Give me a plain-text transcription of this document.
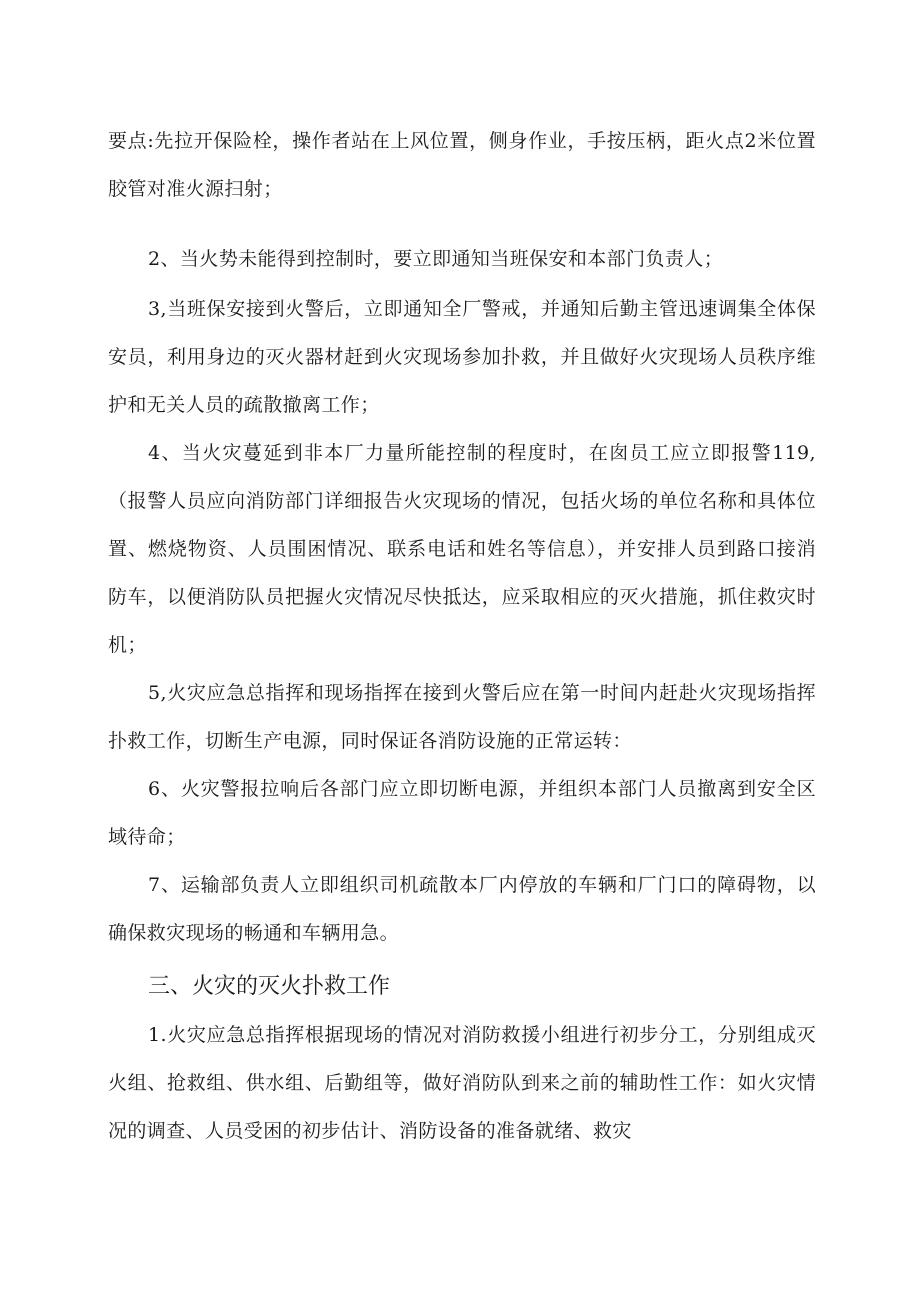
要点:先拉开保险栓，操作者站在上风位置，侧身作业，手按压柄，距火点2米位置胶管对准火源扫射；

2、当火势未能得到控制时，要立即通知当班保安和本部门负责人；

3,当班保安接到火警后，立即通知全厂警戒，并通知后勤主管迅速调集全体保安员，利用身边的灭火器材赶到火灾现场参加扑救，并且做好火灾现场人员秩序维护和无关人员的疏散撤离工作；

4、当火灾蔓延到非本厂力量所能控制的程度时，在囱员工应立即报警119,（报警人员应向消防部门详细报告火灾现场的情况，包括火场的单位名称和具体位置、燃烧物资、人员围困情况、联系电话和姓名等信息），并安排人员到路口接消防车，以便消防队员把握火灾情况尽快抵达，应采取相应的灭火措施，抓住救灾时机；

5,火灾应急总指挥和现场指挥在接到火警后应在第一时间内赶赴火灾现场指挥扑救工作，切断生产电源，同时保证各消防设施的正常运转：

6、火灾警报拉响后各部门应立即切断电源，并组织本部门人员撤离到安全区域待命；

7、运输部负责人立即组织司机疏散本厂内停放的车辆和厂门口的障碍物，以确保救灾现场的畅通和车辆用急。

三、火灾的灭火扑救工作

1.火灾应急总指挥根据现场的情况对消防救援小组进行初步分工，分别组成灭火组、抢救组、供水组、后勤组等，做好消防队到来之前的辅助性工作：如火灾情况的调查、人员受困的初步估计、消防设备的准备就绪、救灾
